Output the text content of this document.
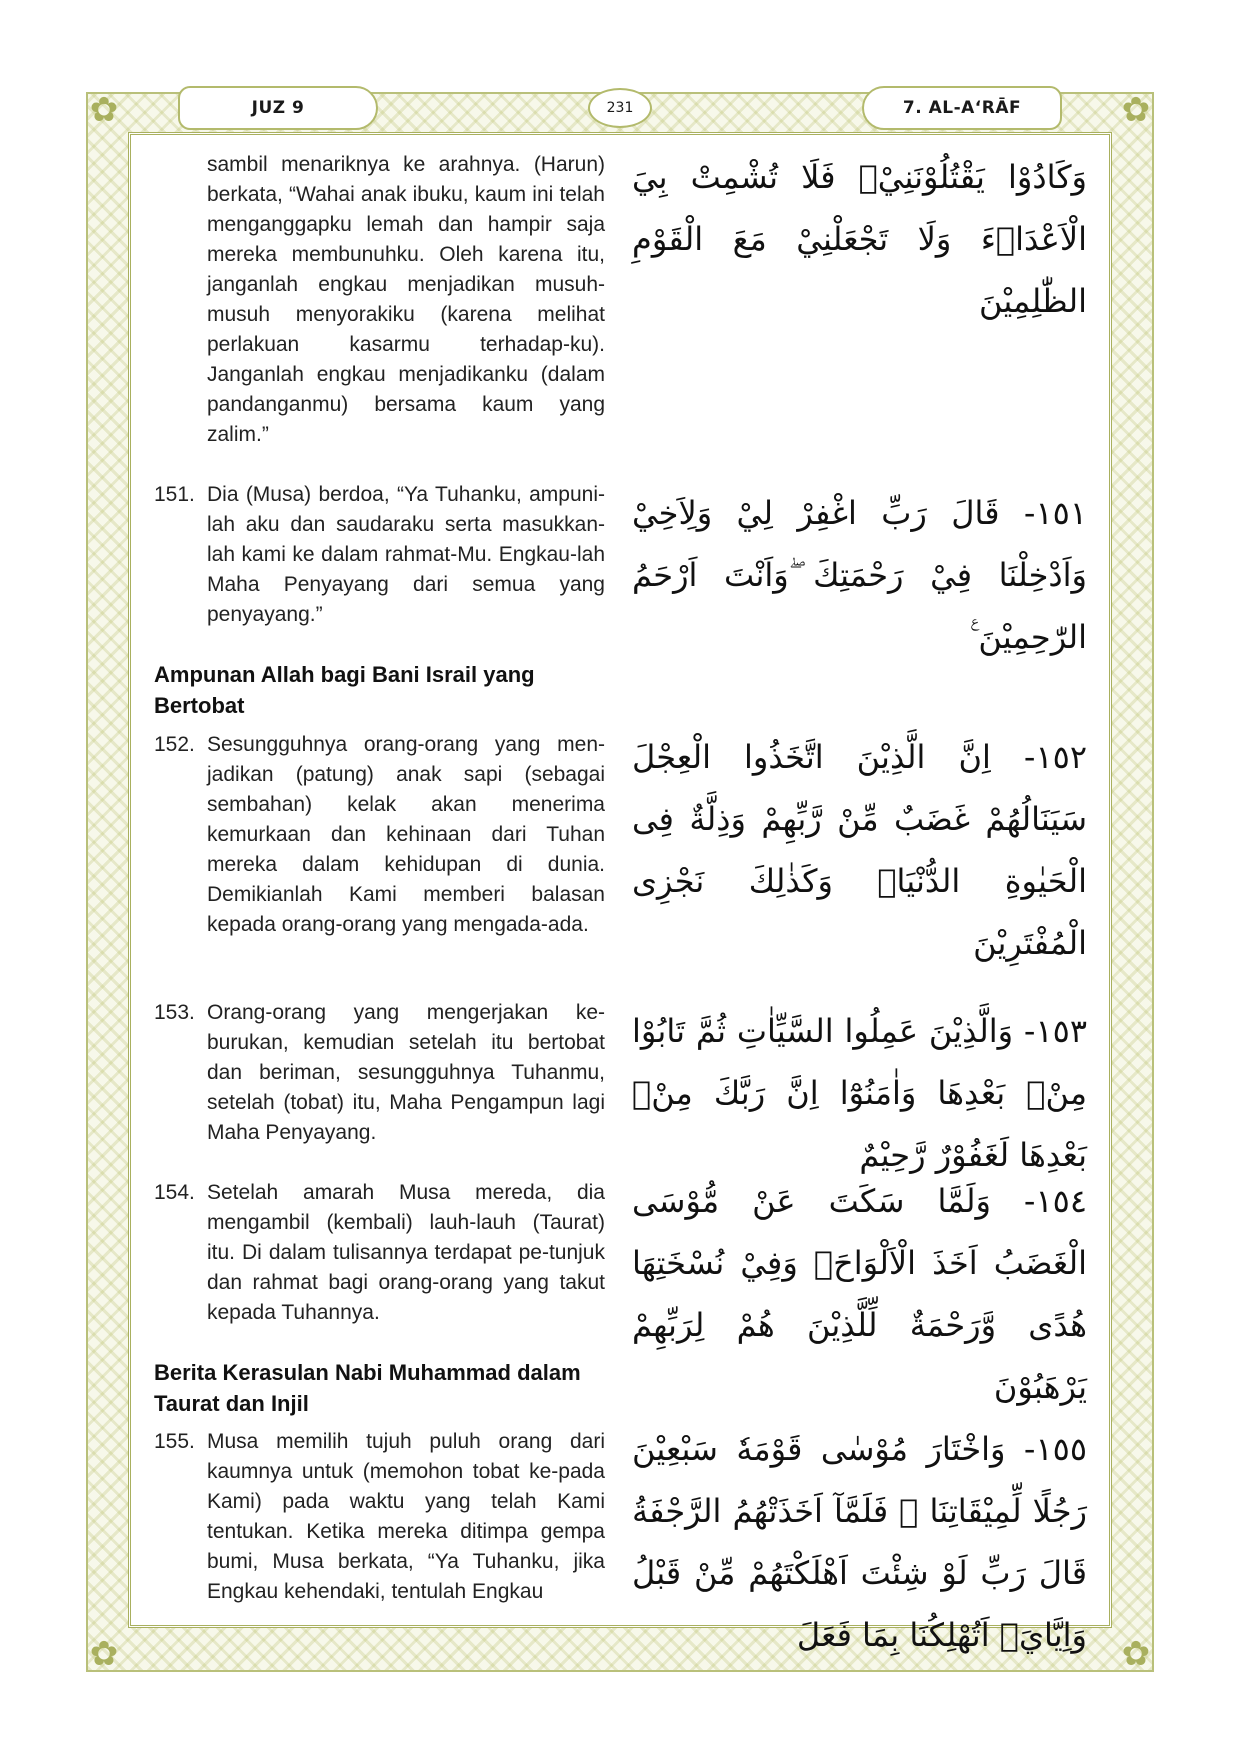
✿	✿
✿	✿
JUZ 9	231	7. AL-A‘RĀF
sambil menariknya ke arahnya. (Harun) berkata, “Wahai anak ibuku, kaum ini telah menganggapku lemah dan hampir saja mereka membunuhku. Oleh karena itu, janganlah engkau menjadikan musuh-musuh menyorakiku (karena melihat perlakuan kasarmu terhadap-ku). Janganlah engkau menjadikanku (dalam pandanganmu) bersama kaum yang zalim.”
وَكَادُوْا يَقْتُلُوْنَنِيْۖ فَلَا تُشْمِتْ بِيَ الْاَعْدَاۤءَ وَلَا تَجْعَلْنِيْ مَعَ الْقَوْمِ الظّٰلِمِيْنَ
151. Dia (Musa) berdoa, “Ya Tuhanku, ampuni-lah aku dan saudaraku serta masukkan-lah kami ke dalam rahmat-Mu. Engkau-lah Maha Penyayang dari semua yang penyayang.”
١٥١- قَالَ رَبِّ اغْفِرْ لِيْ وَلِاَخِيْ وَاَدْخِلْنَا فِيْ رَحْمَتِكَ ۖوَاَنْتَ اَرْحَمُ الرّٰحِمِيْنَ ࣖ
Ampunan Allah bagi Bani Israil yang Bertobat
152. Sesungguhnya orang-orang yang men-jadikan (patung) anak sapi (sebagai sembahan) kelak akan menerima kemurkaan dan kehinaan dari Tuhan mereka dalam kehidupan di dunia. Demikianlah Kami memberi balasan kepada orang-orang yang mengada-ada.
١٥٢- اِنَّ الَّذِيْنَ اتَّخَذُوا الْعِجْلَ سَيَنَالُهُمْ غَضَبٌ مِّنْ رَّبِّهِمْ وَذِلَّةٌ فِى الْحَيٰوةِ الدُّنْيَاۗ وَكَذٰلِكَ نَجْزِى الْمُفْتَرِيْنَ
153. Orang-orang yang mengerjakan ke-burukan, kemudian setelah itu bertobat dan beriman, sesungguhnya Tuhanmu, setelah (tobat) itu, Maha Pengampun lagi Maha Penyayang.
١٥٣- وَالَّذِيْنَ عَمِلُوا السَّيِّاٰتِ ثُمَّ تَابُوْا مِنْۢ بَعْدِهَا وَاٰمَنُوْٓا اِنَّ رَبَّكَ مِنْۢ بَعْدِهَا لَغَفُوْرٌ رَّحِيْمٌ
154. Setelah amarah Musa mereda, dia mengambil (kembali) lauh-lauh (Taurat) itu. Di dalam tulisannya terdapat pe-tunjuk dan rahmat bagi orang-orang yang takut kepada Tuhannya.
١٥٤- وَلَمَّا سَكَتَ عَنْ مُّوْسَى الْغَضَبُ اَخَذَ الْاَلْوَاحَۖ وَفِيْ نُسْخَتِهَا هُدًى وَّرَحْمَةٌ لِّلَّذِيْنَ هُمْ لِرَبِّهِمْ يَرْهَبُوْنَ
Berita Kerasulan Nabi Muhammad dalam Taurat dan Injil
155. Musa memilih tujuh puluh orang dari kaumnya untuk (memohon tobat ke-pada Kami) pada waktu yang telah Kami tentukan. Ketika mereka ditimpa gempa bumi, Musa berkata, “Ya Tuhanku, jika Engkau kehendaki, tentulah Engkau
١٥٥- وَاخْتَارَ مُوْسٰى قَوْمَهٗ سَبْعِيْنَ رَجُلًا لِّمِيْقَاتِنَا ۚ فَلَمَّآ اَخَذَتْهُمُ الرَّجْفَةُ قَالَ رَبِّ لَوْ شِئْتَ اَهْلَكْتَهُمْ مِّنْ قَبْلُ وَاِيَّايَۗ اَتُهْلِكُنَا بِمَا فَعَلَ
